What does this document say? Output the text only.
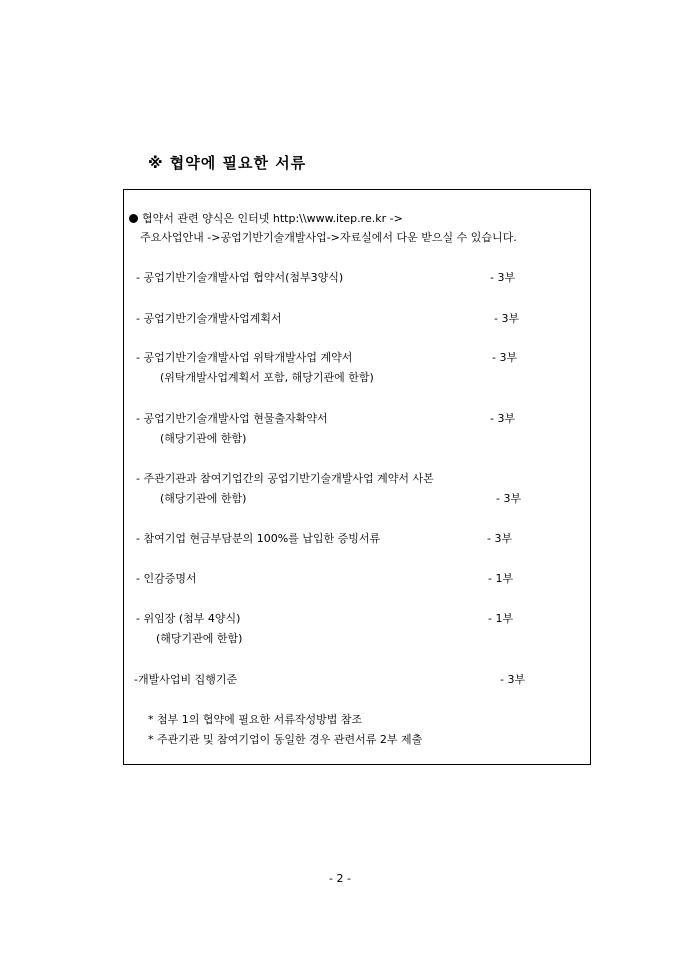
※ 협약에 필요한 서류
협약서 관련 양식은 인터넷 http:\\www.itep.re.kr ->
주요사업안내 ->공업기반기술개발사업->자료실에서 다운 받으실 수 있습니다.
- 공업기반기술개발사업 협약서(첨부3양식)	- 3부
- 공업기반기술개발사업계획서	- 3부
- 공업기반기술개발사업 위탁개발사업 계약서	- 3부
(위탁개발사업계획서 포함, 해당기관에 한함)
- 공업기반기술개발사업 현물출자확약서	- 3부
(해당기관에 한함)
- 주관기관과 참여기업간의 공업기반기술개발사업 계약서 사본
(해당기관에 한함)	- 3부
- 참여기업 현금부담분의 100%를 납입한 증빙서류	- 3부
- 인감증명서	- 1부
- 위임장 (첨부 4양식)	- 1부
(해당기관에 한함)
-개발사업비 집행기준	- 3부
* 첨부 1의 협약에 필요한 서류작성방법 참조
* 주관기관 및 참여기업이 동일한 경우 관련서류 2부 제출
- 2 -
